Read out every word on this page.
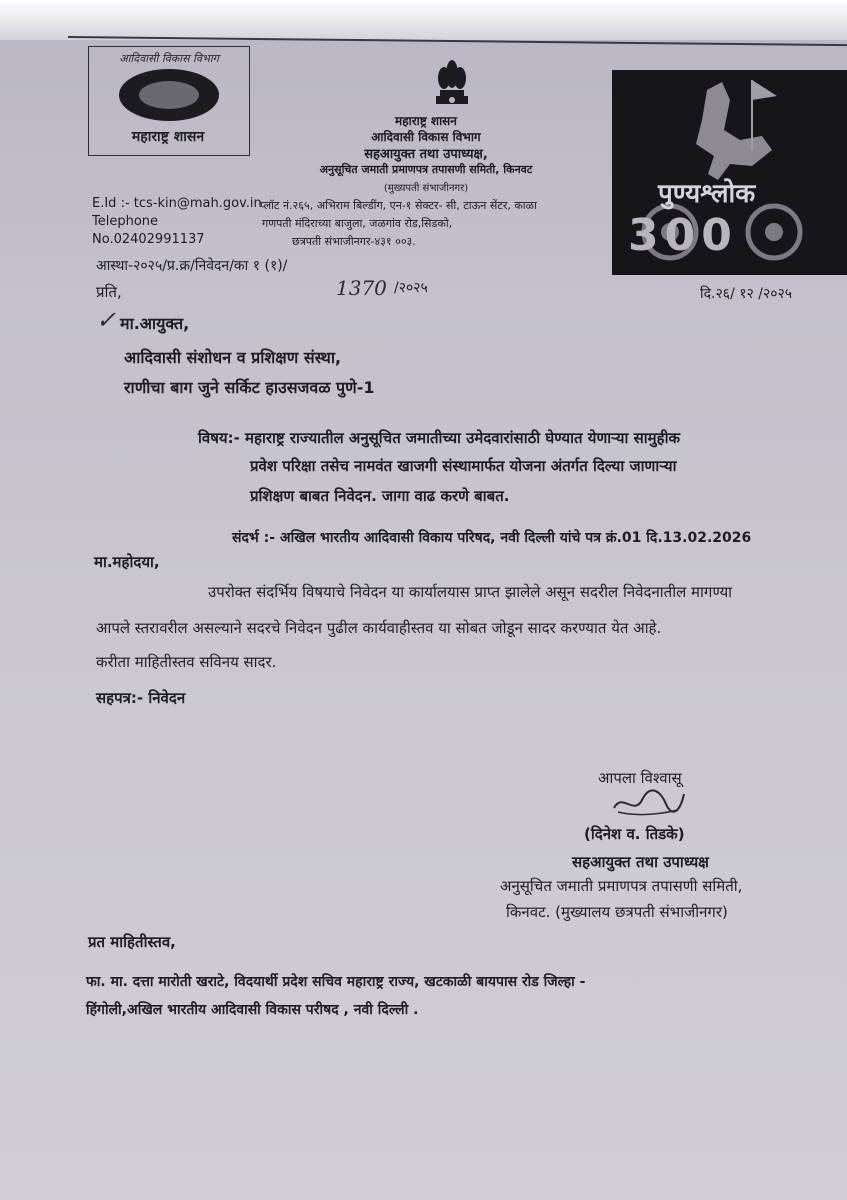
आदिवासी विकास विभाग
महाराष्ट्र शासन
E.Id :- tcs-kin@mah.gov.in
Telephone
No.02402991137
महाराष्ट्र शासन
आदिवासी विकास विभाग
सहआयुक्त तथा उपाध्यक्ष,
अनुसूचित जमाती प्रमाणपत्र तपासणी समिती, किनवट
(मुख्यपती संभाजीनगर)
प्लॉट नं.२६५, अभिराम बिल्डींग, एन-१ सेक्टर- सी, टाऊन सेंटर, काळा
गणपती मंदिराच्या बाजुला, जळगांव रोड,सिडको,
छत्रपती संभाजीनगर-४३१ ००३.
पुण्यश्लोक
300
आस्था-२०२५/प्र.क्र/निवेदन/का १ (१)/
1370 /२०२५	दि.२६/ १२ /२०२५
प्रति,
✓ मा.आयुक्त,
आदिवासी संशोधन व प्रशिक्षण संस्था,
राणीचा बाग जुने सर्किट हाउसजवळ पुणे-1
विषय:- महाराष्ट्र राज्यातील अनुसूचित जमातीच्या उमेदवारांसाठी घेण्यात येणाऱ्या सामुहीक
प्रवेश परिक्षा तसेच नामवंत खाजगी संस्थामार्फत योजना अंतर्गत दिल्या जाणाऱ्या
प्रशिक्षण बाबत निवेदन. जागा वाढ करणे बाबत.
संदर्भ :- अखिल भारतीय आदिवासी विकाय परिषद, नवी दिल्ली यांचे पत्र क्रं.01 दि.13.02.2026
मा.महोदया,
उपरोक्त संदर्भिय विषयाचे निवेदन या कार्यालयास प्राप्त झालेले असून सदरील निवेदनातील मागण्या
आपले स्तरावरील असल्याने सदरचे निवेदन पुढील कार्यवाहीस्तव या सोबत जोडून सादर करण्यात येत आहे.
करीता माहितीस्तव सविनय सादर.
सहपत्र:- निवेदन
आपला विश्वासू
(दिनेश व. तिडके)
सहआयुक्त तथा उपाध्यक्ष
अनुसूचित जमाती प्रमाणपत्र तपासणी समिती,
किनवट. (मुख्यालय छत्रपती संभाजीनगर)
प्रत माहितीस्तव,
फा. मा. दत्ता मारोती खराटे, विदयार्थी प्रदेश सचिव महाराष्ट्र राज्य, खटकाळी बायपास रोड जिल्हा -
हिंगोली,अखिल भारतीय आदिवासी विकास परीषद , नवी दिल्ली .
